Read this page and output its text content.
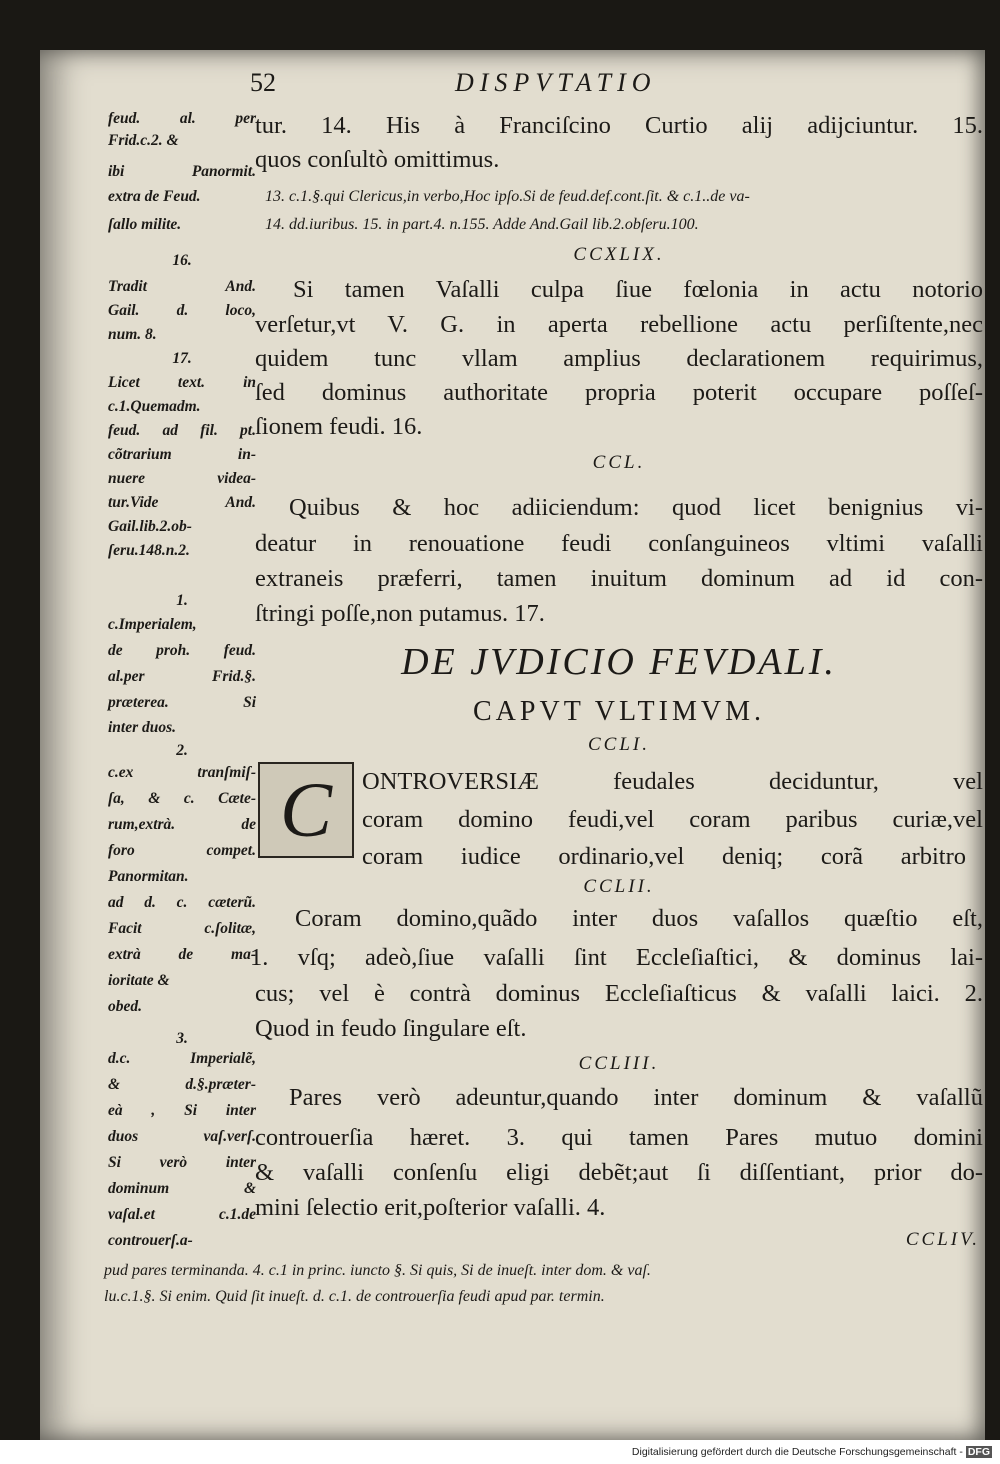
52	DISPVTATIO
tur. 14. His à Franciſcino Curtio alij adijciuntur. 15.
quos conſultò omittimus.
13. c.1.§.qui Clericus,in verbo,Hoc ipſo.Si de feud.def.cont.ſit. & c.1..de va-
14. dd.iuribus. 15. in part.4. n.155. Adde And.Gail lib.2.obſeru.100.
CCXLIX.
Si tamen Vaſalli culpa ſiue fœlonia in actu notorio
verſetur,vt V. G. in aperta rebellione actu perſiſtente,nec
quidem tunc vllam amplius declarationem requirimus,
ſed dominus authoritate propria poterit occupare poſſeſ-
ſionem feudi. 16.
CCL.
Quibus & hoc adiiciendum: quod licet benignius vi-
deatur in renouatione feudi conſanguineos vltimi vaſalli
extraneis præferri, tamen inuitum dominum ad id con-
ſtringi poſſe,non putamus. 17.
DE JVDICIO FEVDALI.
CAPVT VLTIMVM.
CCLI.
C	ONTROVERSIÆ feudales deciduntur, vel
coram domino feudi,vel coram paribus curiæ,vel
coram iudice ordinario,vel deniq; corã arbitro
CCLII.
Coram domino,quãdo inter duos vaſallos quæſtio eſt,
1. vſq; adeò,ſiue vaſalli ſint Eccleſiaſtici, & dominus lai-
cus; vel è contrà dominus Eccleſiaſticus & vaſalli laici. 2.
Quod in feudo ſingulare eſt.
CCLIII.
Pares verò adeuntur,quando inter dominum & vaſallũ
controuerſia hæret. 3. qui tamen Pares mutuo domini
& vaſalli conſenſu eligi debẽt;aut ſi diſſentiant, prior do-
mini ſelectio erit,poſterior vaſalli. 4.
CCLIV.
pud pares terminanda. 4. c.1 in princ. iuncto §. Si quis, Si de inueſt. inter dom. & vaſ.
lu.c.1.§. Si enim. Quid ſit inueſt. d. c.1. de controuerſia feudi apud par. termin.
feud. al. per
Frid.c.2. &
ibi Panormit.
extra de Feud.
ſallo milite.
16.
Tradit And.
Gail. d. loco,
num. 8.
17.
Licet text. in
c.1.Quemadm.
feud. ad fil. pt.
cõtrarium in-
nuere videa-
tur.Vide And.
Gail.lib.2.ob-
ſeru.148.n.2.
1.
c.Imperialem,
de proh. feud.
al.per Frid.§.
præterea. Si
inter duos.
2.
c.ex tranſmiſ-
ſa, & c. Cæte-
rum,extrà. de
foro compet.
Panormitan.
ad d. c. cæterũ.
Facit c.ſolitæ,
extrà de ma-
ioritate &
obed.
3.
d.c. Imperialẽ,
& d.§.præter-
eà , Si inter
duos vaſ.verſ.
Si verò inter
dominum &
vaſal.et c.1.de
controuerſ.a-
Digitalisierung gefördert durch die Deutsche Forschungsgemeinschaft - DFG
